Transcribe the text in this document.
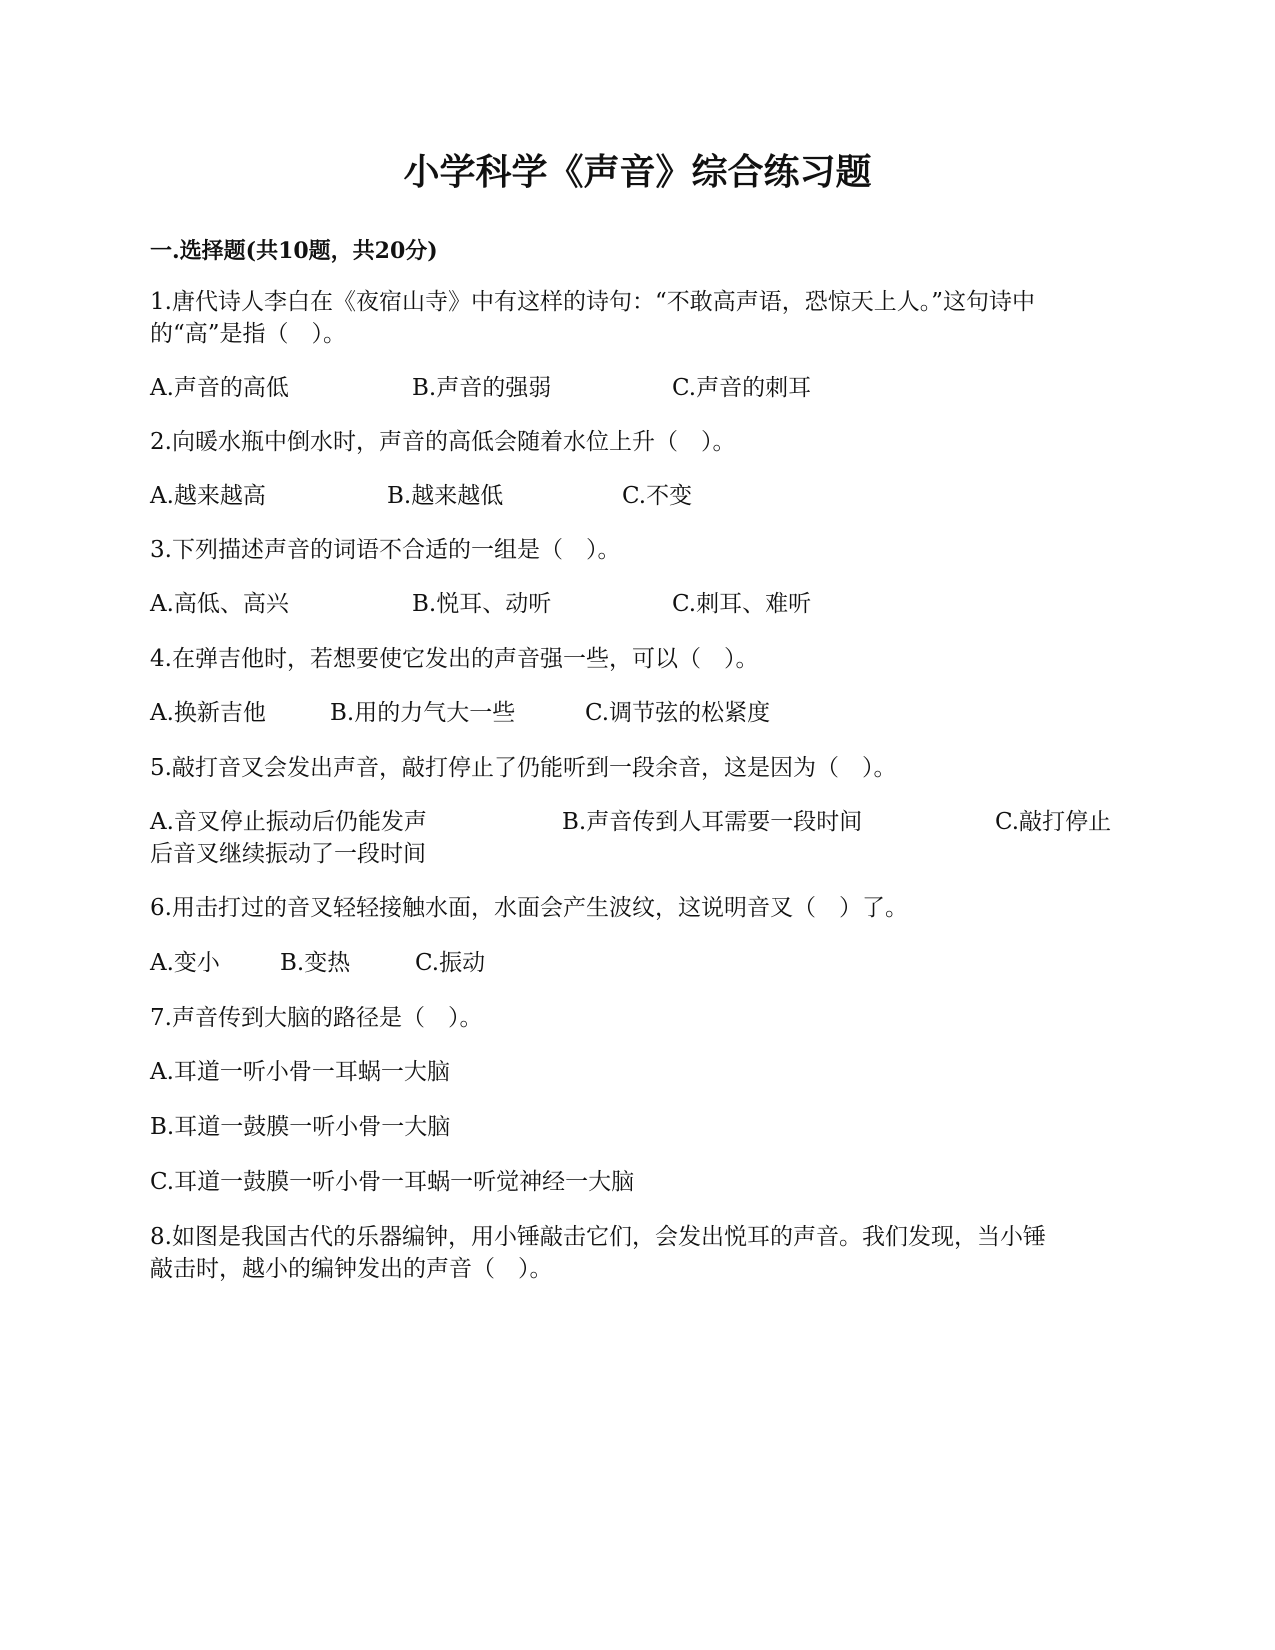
小学科学《声音》综合练习题
一.选择题(共10题，共20分)
1.唐代诗人李白在《夜宿山寺》中有这样的诗句：“不敢高声语，恐惊天上人。”这句诗中
的“高”是指（　）。
A.声音的高低	B.声音的强弱	C.声音的刺耳
2.向暖水瓶中倒水时，声音的高低会随着水位上升（　）。
A.越来越高	B.越来越低	C.不变
3.下列描述声音的词语不合适的一组是（　）。
A.高低、高兴	B.悦耳、动听	C.刺耳、难听
4.在弹吉他时，若想要使它发出的声音强一些，可以（　）。
A.换新吉他	B.用的力气大一些	C.调节弦的松紧度
5.敲打音叉会发出声音，敲打停止了仍能听到一段余音，这是因为（　）。
A.音叉停止振动后仍能发声	B.声音传到人耳需要一段时间	C.敲打停止
后音叉继续振动了一段时间
6.用击打过的音叉轻轻接触水面，水面会产生波纹，这说明音叉（　）了。
A.变小	B.变热	C.振动
7.声音传到大脑的路径是（　）。
A.耳道一听小骨一耳蜗一大脑
B.耳道一鼓膜一听小骨一大脑
C.耳道一鼓膜一听小骨一耳蜗一听觉神经一大脑
8.如图是我国古代的乐器编钟，用小锤敲击它们，会发出悦耳的声音。我们发现，当小锤
敲击时，越小的编钟发出的声音（　）。
